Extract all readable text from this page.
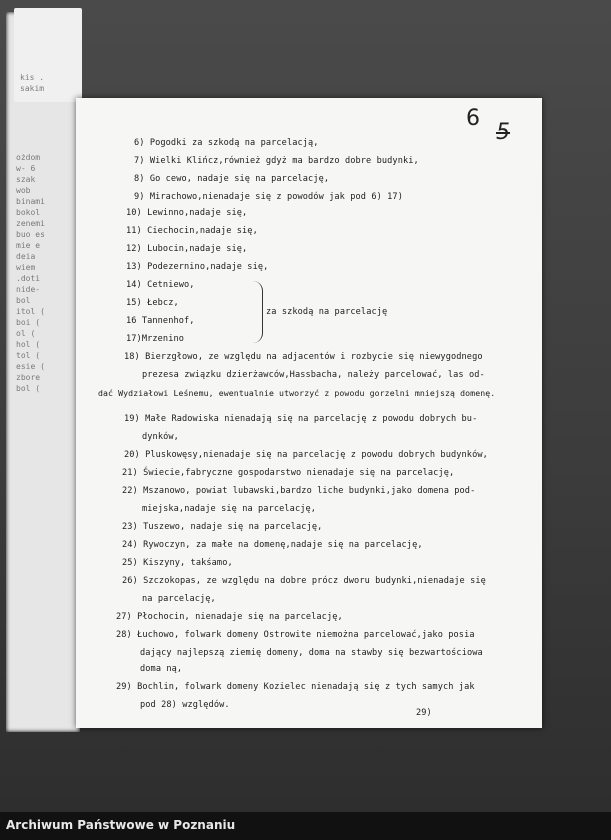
ożdom
w- 6
szak
wob
binami
bokol
zenemi
buo es
mie e
deia
wiem
.doti
nide-
bol
itol (
boi (
ol (
hol (
tol (
esie (
zbore
bol (
kis .
sakim
6
5
6) Pogodki za szkodą na parcelacją,
7) Wielki Klińcz,również gdyż ma bardzo dobre budynki,
8) Go cewo, nadaje się na parcelację,
9) Mirachowo,nienadaje się z powodów jak pod 6) 17)
10) Lewinno,nadaje się,
11) Ciechocin,nadaje się,
12) Lubocin,nadaje się,
13) Podezernino,nadaje się,
14) Cetniewo,
15) Łebcz,
16 Tannenhof,
17)Mrzenino
za szkodą na parcelację
18) Bierzgłowo, ze względu na adjacentów i rozbycie się niewygodnego
prezesa związku dzierżawców,Hassbacha, należy parcelować, las od-
dać Wydziałowi Leśnemu, ewentualnie utworzyć z powodu gorzelni mniejszą domenę.
19) Małe Radowiska nienadają się na parcelację z powodu dobrych bu-
dynków,
20) Pluskowęsy,nienadaje się na parcelację z powodu dobrych budynków,
21) Świecie,fabryczne gospodarstwo nienadaje się na parcelację,
22) Mszanowo, powiat lubawski,bardzo liche budynki,jako domena pod-
miejska,nadaje się na parcelację,
23) Tuszewo, nadaje się na parcelację,
24) Rywoczyn, za małe na domenę,nadaje się na parcelację,
25) Kiszyny, takśamo,
26) Szczokopas, ze względu na dobre prócz dworu budynki,nienadaje się
na parcelację,
27) Płochocin, nienadaje się na parcelację,
28) Łuchowo, folwark domeny Ostrowite niemożna parcelować,jako posia
dający najlepszą ziemię domeny, doma na stawby się bezwartościowa
doma ną,
29) Bochlin, folwark domeny Kozielec nienadają się z tych samych jak
pod 28) względów.
29)
Archiwum Państwowe w Poznaniu
